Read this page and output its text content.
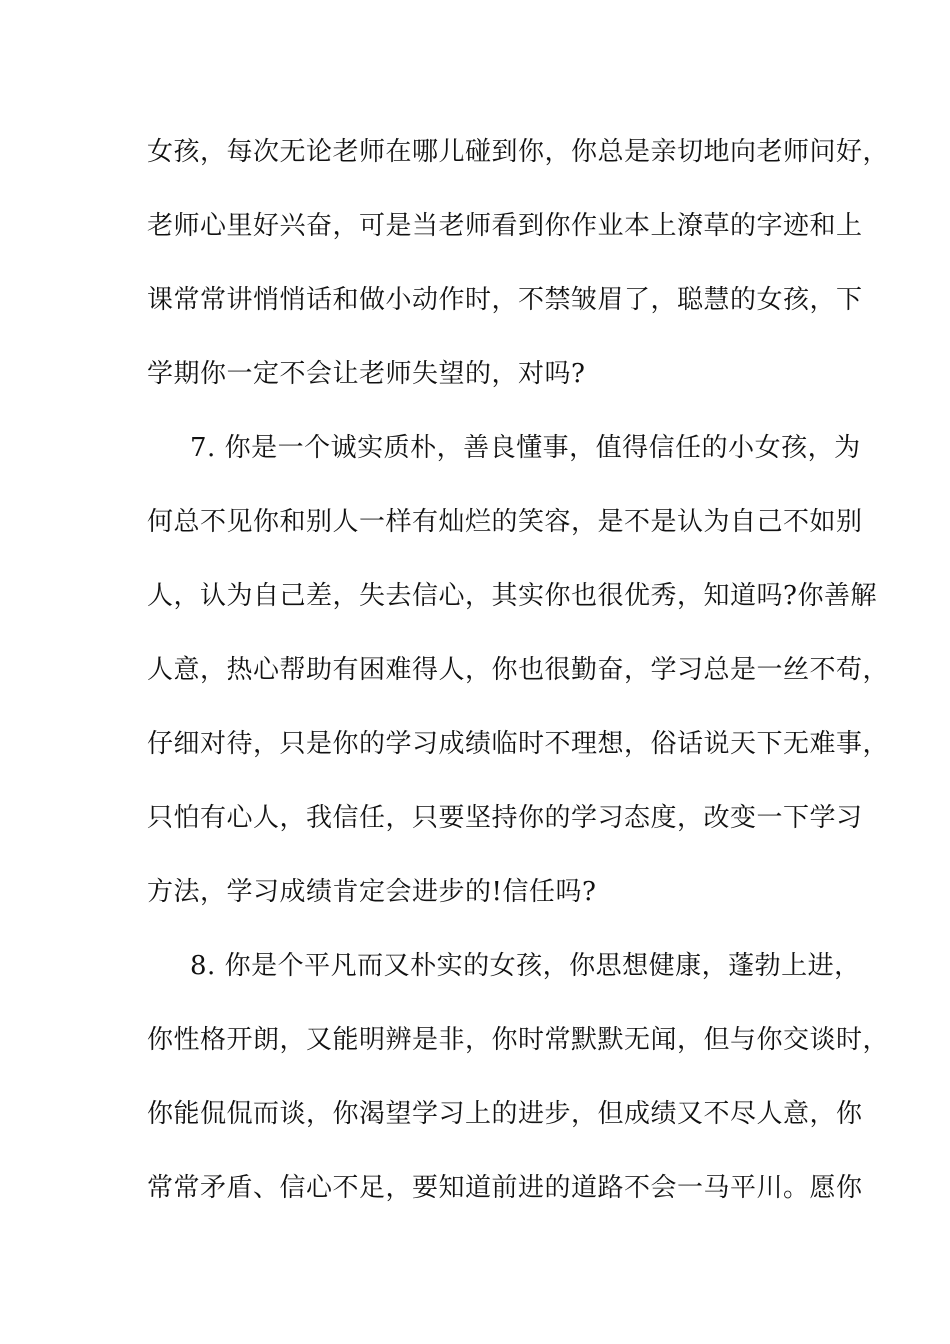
女孩，每次无论老师在哪儿碰到你，你总是亲切地向老师问好，
老师心里好兴奋，可是当老师看到你作业本上潦草的字迹和上
课常常讲悄悄话和做小动作时，不禁皱眉了，聪慧的女孩，下
学期你一定不会让老师失望的，对吗?
7. 你是一个诚实质朴，善良懂事，值得信任的小女孩，为
何总不见你和别人一样有灿烂的笑容，是不是认为自己不如别
人，认为自己差，失去信心，其实你也很优秀，知道吗?你善解
人意，热心帮助有困难得人，你也很勤奋，学习总是一丝不苟，
仔细对待，只是你的学习成绩临时不理想，俗话说天下无难事，
只怕有心人，我信任，只要坚持你的学习态度，改变一下学习
方法，学习成绩肯定会进步的!信任吗?
8. 你是个平凡而又朴实的女孩，你思想健康，蓬勃上进，
你性格开朗，又能明辨是非，你时常默默无闻，但与你交谈时，
你能侃侃而谈，你渴望学习上的进步，但成绩又不尽人意，你
常常矛盾、信心不足，要知道前进的道路不会一马平川。愿你
